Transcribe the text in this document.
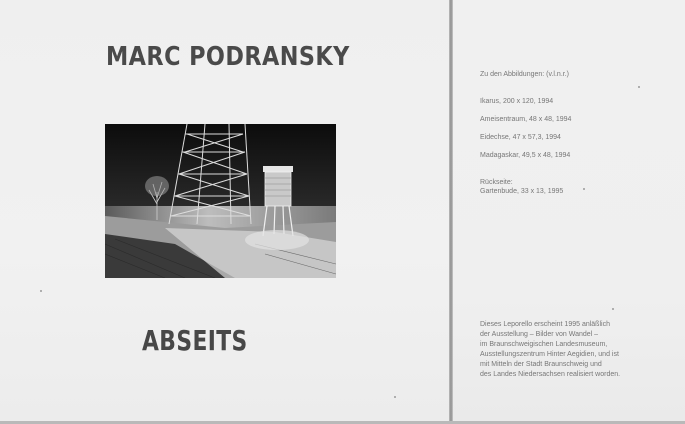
MARC PODRANSKY
ABSEITS

Zu den Abbildungen: (v.l.n.r.)

Ikarus, 200 x 120, 1994

Ameisentraum, 48 x 48, 1994

Eidechse, 47 x 57,3, 1994

Madagaskar, 49,5 x 48, 1994

Rückseite:

Gartenbude, 33 x 13, 1995

Dieses Leporello erscheint 1995 anläßlich
der Ausstellung – Bilder von Wandel –
im Braunschweigischen Landesmuseum,
Ausstellungszentrum Hinter Aegidien, und ist
mit Mitteln der Stadt Braunschweig und
des Landes Niedersachsen realisiert worden.
